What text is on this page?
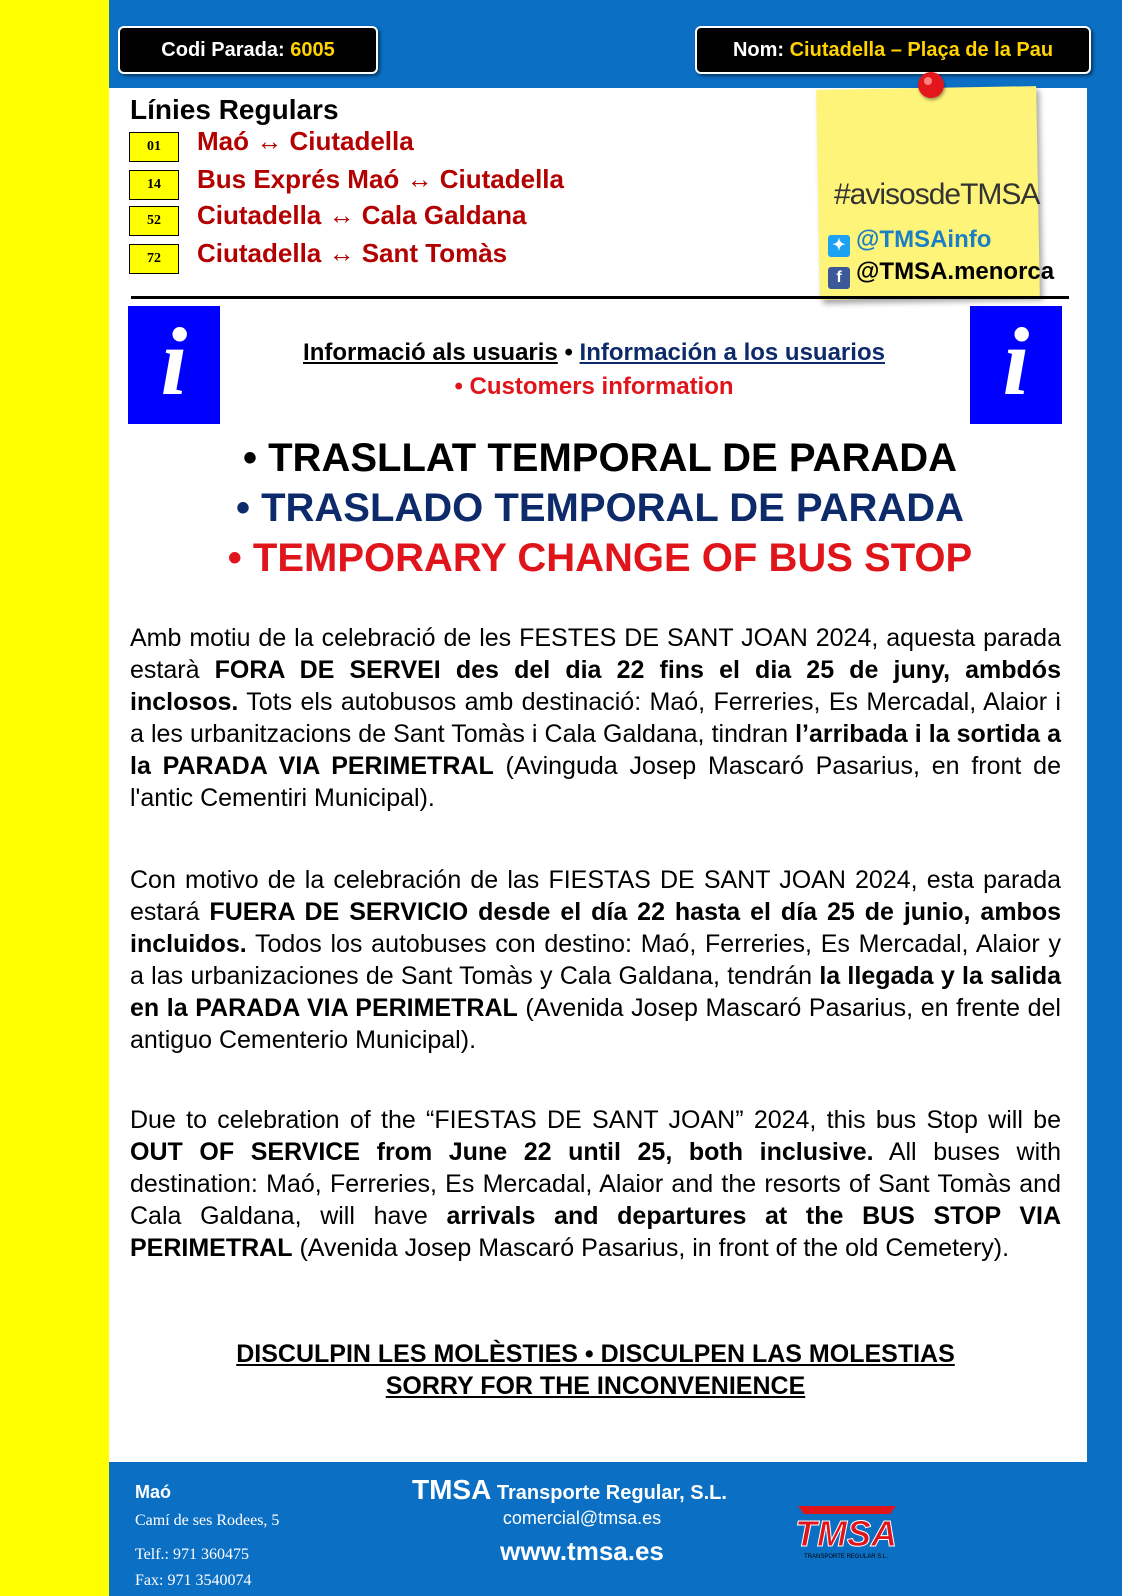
Codi Parada: 6005	Nom: Ciutadella – Plaça de la Pau
Línies Regulars
01	Maó ↔ Ciutadella
14	Bus Exprés Maó ↔ Ciutadella
52	Ciutadella ↔ Cala Galdana
72	Ciutadella ↔ Sant Tomàs
#avisosdeTMSA
✦ @TMSAinfo
f @TMSA.menorca
i	i
Informació als usuaris • Información a los usuarios
• Customers information
• TRASLLAT TEMPORAL DE PARADA
• TRASLADO TEMPORAL DE PARADA
• TEMPORARY CHANGE OF BUS STOP
Amb motiu de la celebració de les FESTES DE SANT JOAN 2024, aquesta parada estarà FORA DE SERVEI des del dia 22 fins el dia 25 de juny, ambdós inclosos. Tots els autobusos amb destinació: Maó, Ferreries, Es Mercadal, Alaior i a les urbanitzacions de Sant Tomàs i Cala Galdana, tindran l’arribada i la sortida a la PARADA VIA PERIMETRAL (Avinguda Josep Mascaró Pasarius, en front de l'antic Cementiri Municipal).
Con motivo de la celebración de las FIESTAS DE SANT JOAN 2024, esta parada estará FUERA DE SERVICIO desde el día 22 hasta el día 25 de junio, ambos incluidos. Todos los autobuses con destino: Maó, Ferreries, Es Mercadal, Alaior y a las urbanizaciones de Sant Tomàs y Cala Galdana, tendrán la llegada y la salida en la PARADA VIA PERIMETRAL (Avenida Josep Mascaró Pasarius, en frente del antiguo Cementerio Municipal).
Due to celebration of the “FIESTAS DE SANT JOAN” 2024, this bus Stop will be OUT OF SERVICE from June 22 until 25, both inclusive. All buses with destination: Maó, Ferreries, Es Mercadal, Alaior and the resorts of Sant Tomàs and Cala Galdana, will have arrivals and departures at the BUS STOP VIA PERIMETRAL (Avenida Josep Mascaró Pasarius, in front of the old Cemetery).
DISCULPIN LES MOLÈSTIES • DISCULPEN LAS MOLESTIAS
SORRY FOR THE INCONVENIENCE
Maó
Camí de ses Rodees, 5
Telf.: 971 360475
Fax: 971 3540074
TMSA Transporte Regular, S.L.
comercial@tmsa.es
www.tmsa.es	TMSA
TRANSPORTE REGULAR S.L.
